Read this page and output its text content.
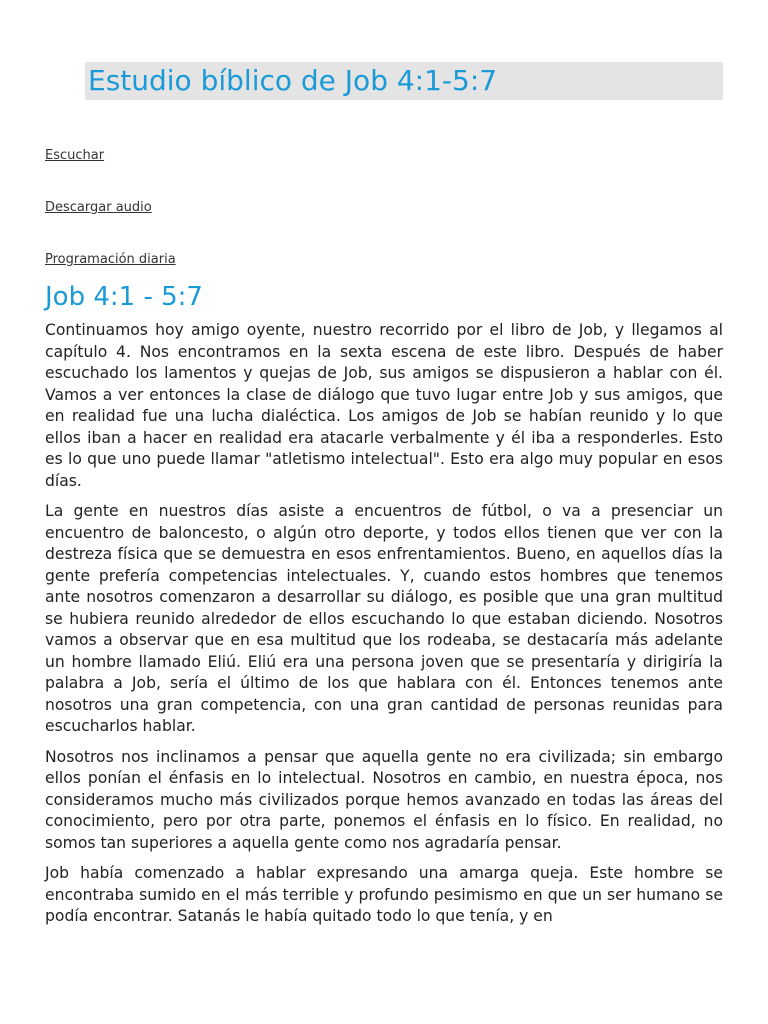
Estudio bíblico de Job 4:1-5:7
Escuchar
Descargar audio
Programación diaria
Job 4:1 - 5:7

Continuamos hoy amigo oyente, nuestro recorrido por el libro de Job, y llegamos al capítulo 4. Nos encontramos en la sexta escena de este libro. Después de haber escuchado los lamentos y quejas de Job, sus amigos se dispusieron a hablar con él. Vamos a ver entonces la clase de diálogo que tuvo lugar entre Job y sus amigos, que en realidad fue una lucha dialéctica. Los amigos de Job se habían reunido y lo que ellos iban a hacer en realidad era atacarle verbalmente y él iba a responderles. Esto es lo que uno puede llamar "atletismo intelectual". Esto era algo muy popular en esos días.

La gente en nuestros días asiste a encuentros de fútbol, o va a presenciar un encuentro de baloncesto, o algún otro deporte, y todos ellos tienen que ver con la destreza física que se demuestra en esos enfrentamientos. Bueno, en aquellos días la gente prefería competencias intelectuales. Y, cuando estos hombres que tenemos ante nosotros comenzaron a desarrollar su diálogo, es posible que una gran multitud se hubiera reunido alrededor de ellos escuchando lo que estaban diciendo. Nosotros vamos a observar que en esa multitud que los rodeaba, se destacaría más adelante un hombre llamado Eliú. Eliú era una persona joven que se presentaría y dirigiría la palabra a Job, sería el último de los que hablara con él. Entonces tenemos ante nosotros una gran competencia, con una gran cantidad de personas reunidas para escucharlos hablar.

Nosotros nos inclinamos a pensar que aquella gente no era civilizada; sin embargo ellos ponían el énfasis en lo intelectual. Nosotros en cambio, en nuestra época, nos consideramos mucho más civilizados porque hemos avanzado en todas las áreas del conocimiento, pero por otra parte, ponemos el énfasis en lo físico. En realidad, no somos tan superiores a aquella gente como nos agradaría pensar.

Job había comenzado a hablar expresando una amarga queja. Este hombre se encontraba sumido en el más terrible y profundo pesimismo en que un ser humano se podía encontrar. Satanás le había quitado todo lo que tenía, y en
